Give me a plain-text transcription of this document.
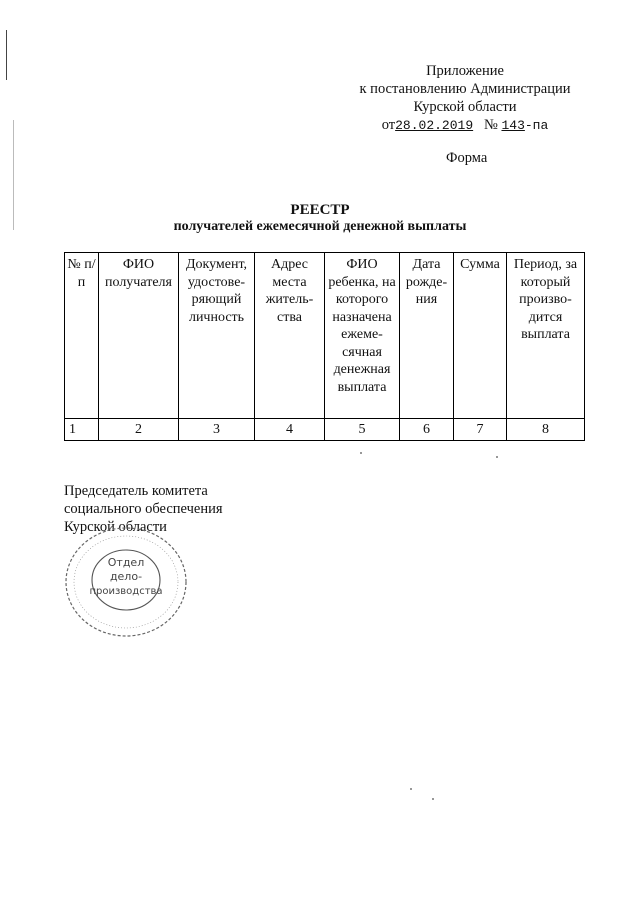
Приложение
к постановлению Администрации
Курской области
от28.02.2019 № 143-па
Форма
РЕЕСТР
получателей ежемесячной денежной выплаты
№ п/п	ФИО получателя	Документ, удостове-ряющий личность	Адрес места житель-ства	ФИО ребенка, на которого назначена ежеме-сячная денежная выплата	Дата рожде-ния	Сумма	Период, за который произво-дится выплата
1	2	3	4	5	6	7	8
Председатель комитета
социального обеспечения
Курской области
Отдел
дело-
производства
